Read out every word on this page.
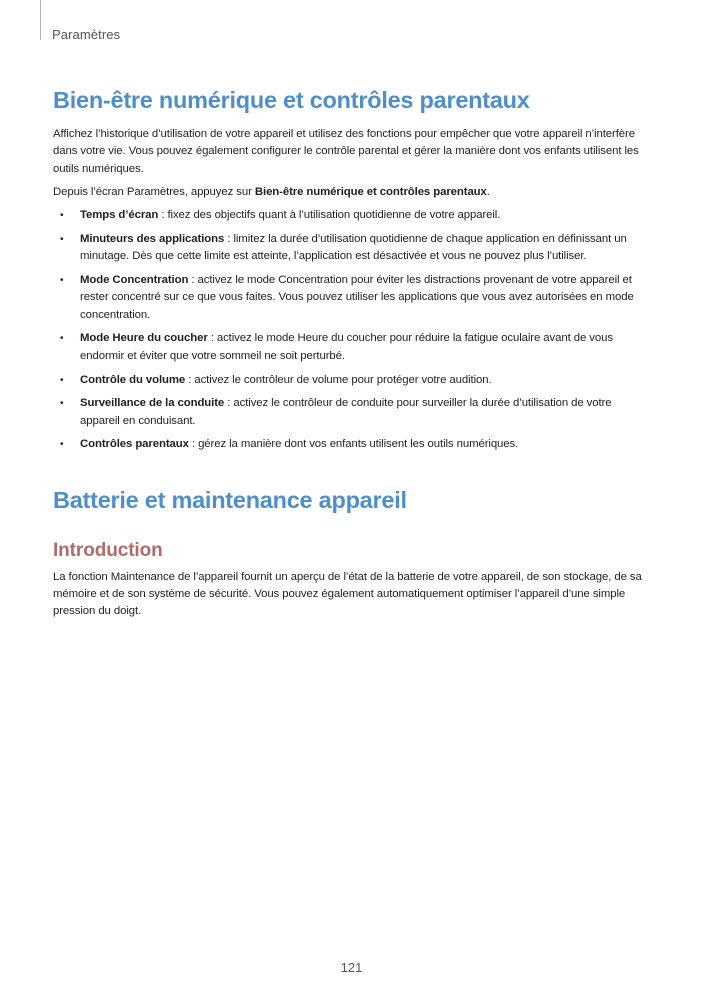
Paramètres
Bien-être numérique et contrôles parentaux

Affichez l’historique d’utilisation de votre appareil et utilisez des fonctions pour empêcher que votre appareil n’interfère dans votre vie. Vous pouvez également configurer le contrôle parental et gérer la manière dont vos enfants utilisent les outils numériques.

Depuis l’écran Paramètres, appuyez sur Bien-être numérique et contrôles parentaux.

• Temps d’écran : fixez des objectifs quant à l’utilisation quotidienne de votre appareil.
• Minuteurs des applications : limitez la durée d’utilisation quotidienne de chaque application en définissant un minutage. Dès que cette limite est atteinte, l’application est désactivée et vous ne pouvez plus l’utiliser.
• Mode Concentration : activez le mode Concentration pour éviter les distractions provenant de votre appareil et rester concentré sur ce que vous faites. Vous pouvez utiliser les applications que vous avez autorisées en mode concentration.
• Mode Heure du coucher : activez le mode Heure du coucher pour réduire la fatigue oculaire avant de vous endormir et éviter que votre sommeil ne soit perturbé.
• Contrôle du volume : activez le contrôleur de volume pour protéger votre audition.
• Surveillance de la conduite : activez le contrôleur de conduite pour surveiller la durée d’utilisation de votre appareil en conduisant.
• Contrôles parentaux : gérez la manière dont vos enfants utilisent les outils numériques.
Batterie et maintenance appareil
Introduction

La fonction Maintenance de l’appareil fournit un aperçu de l’état de la batterie de votre appareil, de son stockage, de sa mémoire et de son système de sécurité. Vous pouvez également automatiquement optimiser l’appareil d’une simple pression du doigt.

121
